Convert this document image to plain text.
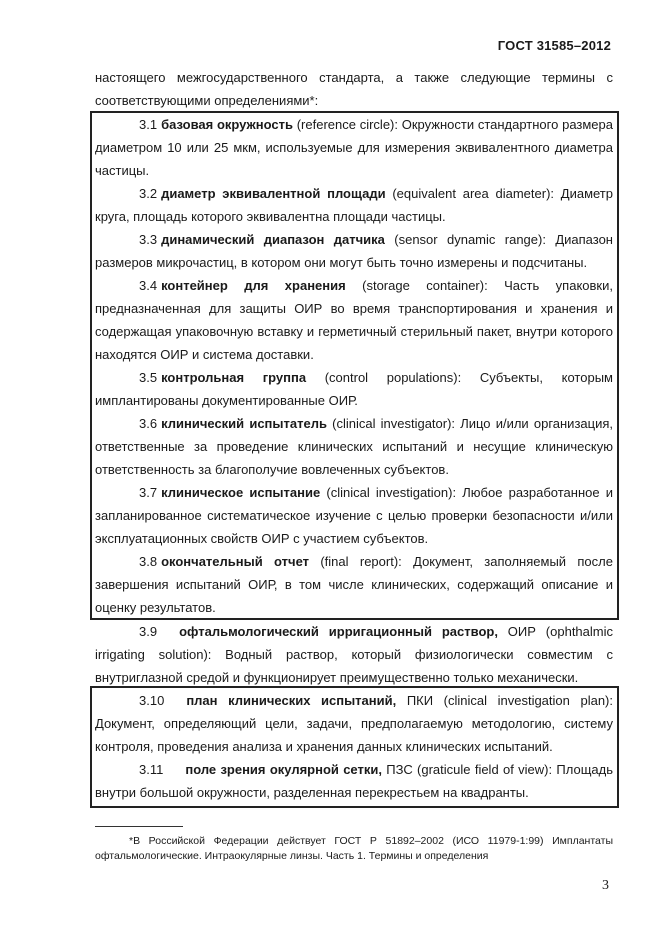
ГОСТ 31585–2012

настоящего межгосударственного стандарта, а также следующие термины с соответствующими определениями*:

3.1 базовая окружность (reference circle): Окружности стандартного размера диаметром 10 или 25 мкм, используемые для измерения эквивалентного диаметра частицы.

3.2 диаметр эквивалентной площади (equivalent area diameter): Диаметр круга, площадь которого эквивалентна площади частицы.

3.3 динамический диапазон датчика (sensor dynamic range): Диапазон размеров микрочастиц, в котором они могут быть точно измерены и подсчитаны.

3.4 контейнер для хранения (storage container): Часть упаковки, предназначенная для защиты ОИР во время транспортирования и хранения и содержащая упаковочную вставку и герметичный стерильный пакет, внутри которого находятся ОИР и система доставки.

3.5 контрольная группа (control populations): Субъекты, которым имплантированы документированные ОИР.

3.6 клинический испытатель (clinical investigator): Лицо и/или организация, ответственные за проведение клинических испытаний и несущие клиническую ответственность за благополучие вовлеченных субъектов.

3.7 клиническое испытание (clinical investigation): Любое разработанное и запланированное систематическое изучение с целью проверки безопасности и/или эксплуатационных свойств ОИР с участием субъектов.

3.8 окончательный отчет (final report): Документ, заполняемый после завершения испытаний ОИР, в том числе клинических, содержащий описание и оценку результатов.

3.9 офтальмологический ирригационный раствор, ОИР (ophthalmic irrigating solution): Водный раствор, который физиологически совместим с внутриглазной средой и функционирует преимущественно только механически.

3.10 план клинических испытаний, ПКИ (clinical investigation plan): Документ, определяющий цели, задачи, предполагаемую методологию, систему контроля, проведения анализа и хранения данных клинических испытаний.

3.11 поле зрения окулярной сетки, ПЗС (graticule field of view): Площадь внутри большой окружности, разделенная перекрестьем на квадранты.

*В Российской Федерации действует ГОСТ Р 51892–2002 (ИСО 11979-1:99) Имплантаты офтальмологические. Интраокулярные линзы. Часть 1. Термины и определения

3
